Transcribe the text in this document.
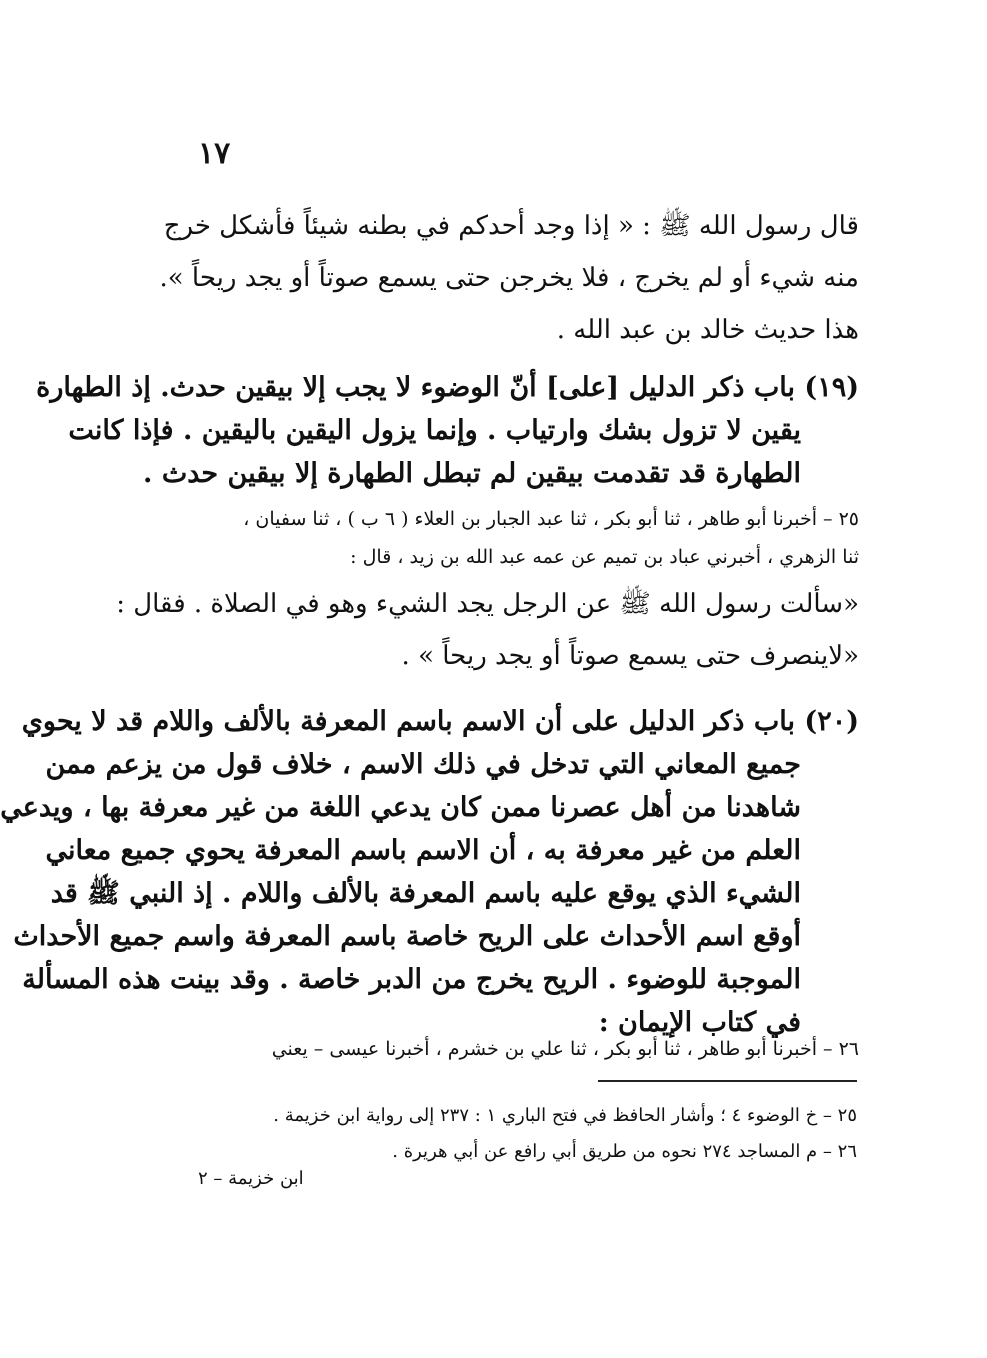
١٧
قال رسول الله ﷺ : « إذا وجد أحدكم في بطنه شيئاً فأشكل خرج
منه شيء أو لم يخرج ، فلا يخرجن حتى يسمع صوتاً أو يجد ريحاً ».
هذا حديث خالد بن عبد الله .
(١٩) باب ذكر الدليل [على] أنّ الوضوء لا يجب إلا بيقين حدث. إذ الطهارة
يقين لا تزول بشك وارتياب . وإنما يزول اليقين باليقين . فإذا كانت
الطهارة قد تقدمت بيقين لم تبطل الطهارة إلا بيقين حدث .
٢٥ – أخبرنا أبو طاهر ، ثنا أبو بكر ، ثنا عبد الجبار بن العلاء ( ٦ ب ) ، ثنا سفيان ،
ثنا الزهري ، أخبرني عباد بن تميم عن عمه عبد الله بن زيد ، قال :
«سألت رسول الله ﷺ عن الرجل يجد الشيء وهو في الصلاة . فقال :
«لاينصرف حتى يسمع صوتاً أو يجد ريحاً » .
(٢٠) باب ذكر الدليل على أن الاسم باسم المعرفة بالألف واللام قد لا يحوي
جميع المعاني التي تدخل في ذلك الاسم ، خلاف قول من يزعم ممن
شاهدنا من أهل عصرنا ممن كان يدعي اللغة من غير معرفة بها ، ويدعي
العلم من غير معرفة به ، أن الاسم باسم المعرفة يحوي جميع معاني
الشيء الذي يوقع عليه باسم المعرفة بالألف واللام . إذ النبي ﷺ قد
أوقع اسم الأحداث على الريح خاصة باسم المعرفة واسم جميع الأحداث
الموجبة للوضوء . الريح يخرج من الدبر خاصة . وقد بينت هذه المسألة
في كتاب الإيمان :
٢٦ – أخبرنا أبو طاهر ، ثنا أبو بكر ، ثنا علي بن خشرم ، أخبرنا عيسى – يعني
٢٥ – خ الوضوء ٤ ؛ وأشار الحافظ في فتح الباري ١ : ٢٣٧ إلى رواية ابن خزيمة .
٢٦ – م المساجد ٢٧٤ نحوه من طريق أبي رافع عن أبي هريرة .
ابن خزيمة – ٢
